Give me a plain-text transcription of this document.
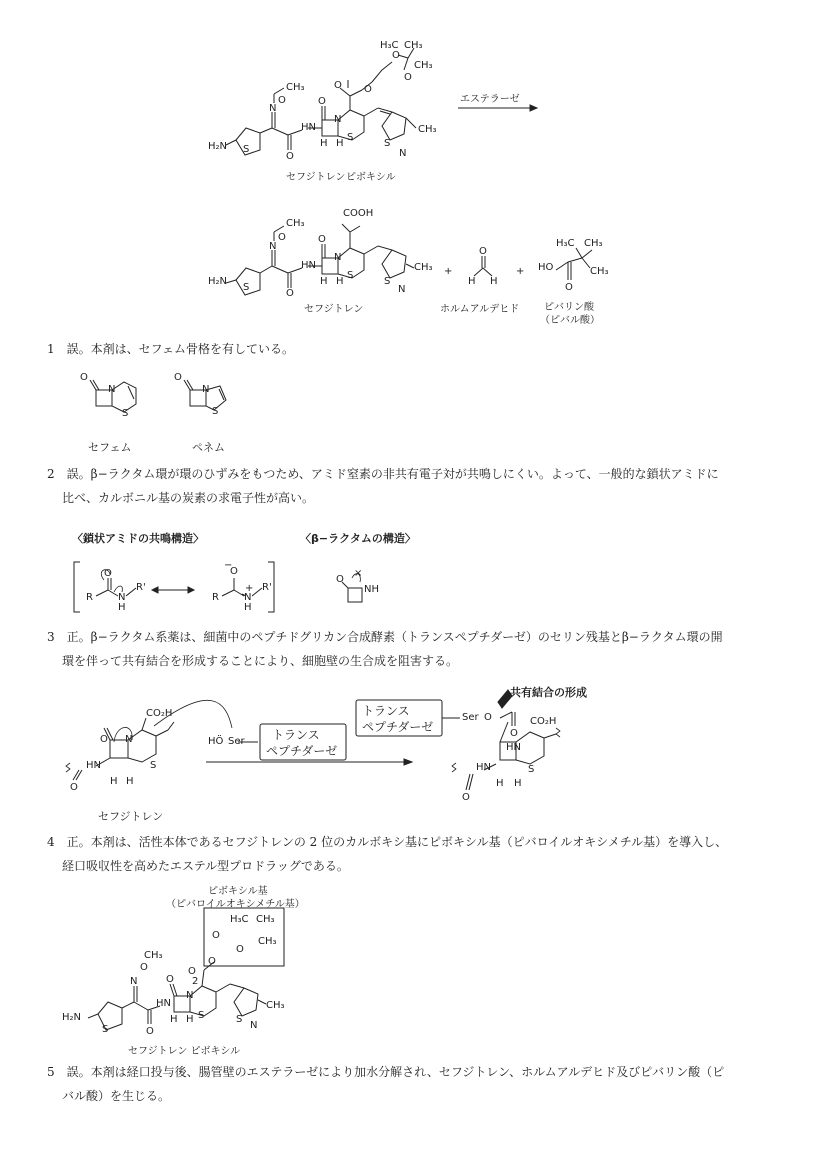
H₂N S
N
O
CH₃
O
HN
O
N
H H
S
O O
O
O
H₃C CH₃
CH₃
S
N
CH₃
エステラーゼ
セフジトレン ピボキシル
H₂N
S
N
O
CH₃
O
HN
O
N
H H
S
COOH
S
N
CH₃
セフジトレン
+
O
H H
ホルムアルデヒド
+ HO
O
H₃C CH₃
CH₃
ピバリン酸
（ピバル酸）
1　誤。本剤は、セフェム骨格を有している。
O
N
S
O
N
S
セフェム	ペネム
2　誤。β−ラクタム環が環のひずみをもつため、アミド窒素の非共有電子対が共鳴しにくい。よって、一般的な鎖状アミドに
比べ、カルボニル基の炭素の求電子性が高い。
〈鎖状アミドの共鳴構造〉	〈β−ラクタムの構造〉
R
O
N
H
R'
R
O
−
N
+
H
R'
O
×
NH
3　正。β−ラクタム系薬は、細菌中のペプチドグリカン合成酵素（トランスペプチダーゼ）のセリン残基とβ−ラクタム環の開
環を伴って共有結合を形成することにより、細胞壁の生合成を阻害する。
O N
S
H H
CO₂H
HN
O
HÖ Ser トランス
ペプチダーゼ
トランス
ペプチダーゼ
Ser O
共有結合の形成
O
CO₂H
HN
S
H H
HN
O
セフジトレン
4　正。本剤は、活性本体であるセフジトレンの 2 位のカルボキシ基にピボキシル基（ピバロイルオキシメチル基）を導入し、
経口吸収性を高めたエステル型プロドラッグである。
ピボキシル基
（ピバロイルオキシメチル基）
H₃C CH₃
CH₃
O
O
O
O
2
H₂N
S
N
O
CH₃
O
HN
O
N
H H S	S
N
CH₃
セフジトレン ピボキシル
5　誤。本剤は経口投与後、腸管壁のエステラーゼにより加水分解され、セフジトレン、ホルムアルデヒド及びピバリン酸（ピ
バル酸）を生じる。
